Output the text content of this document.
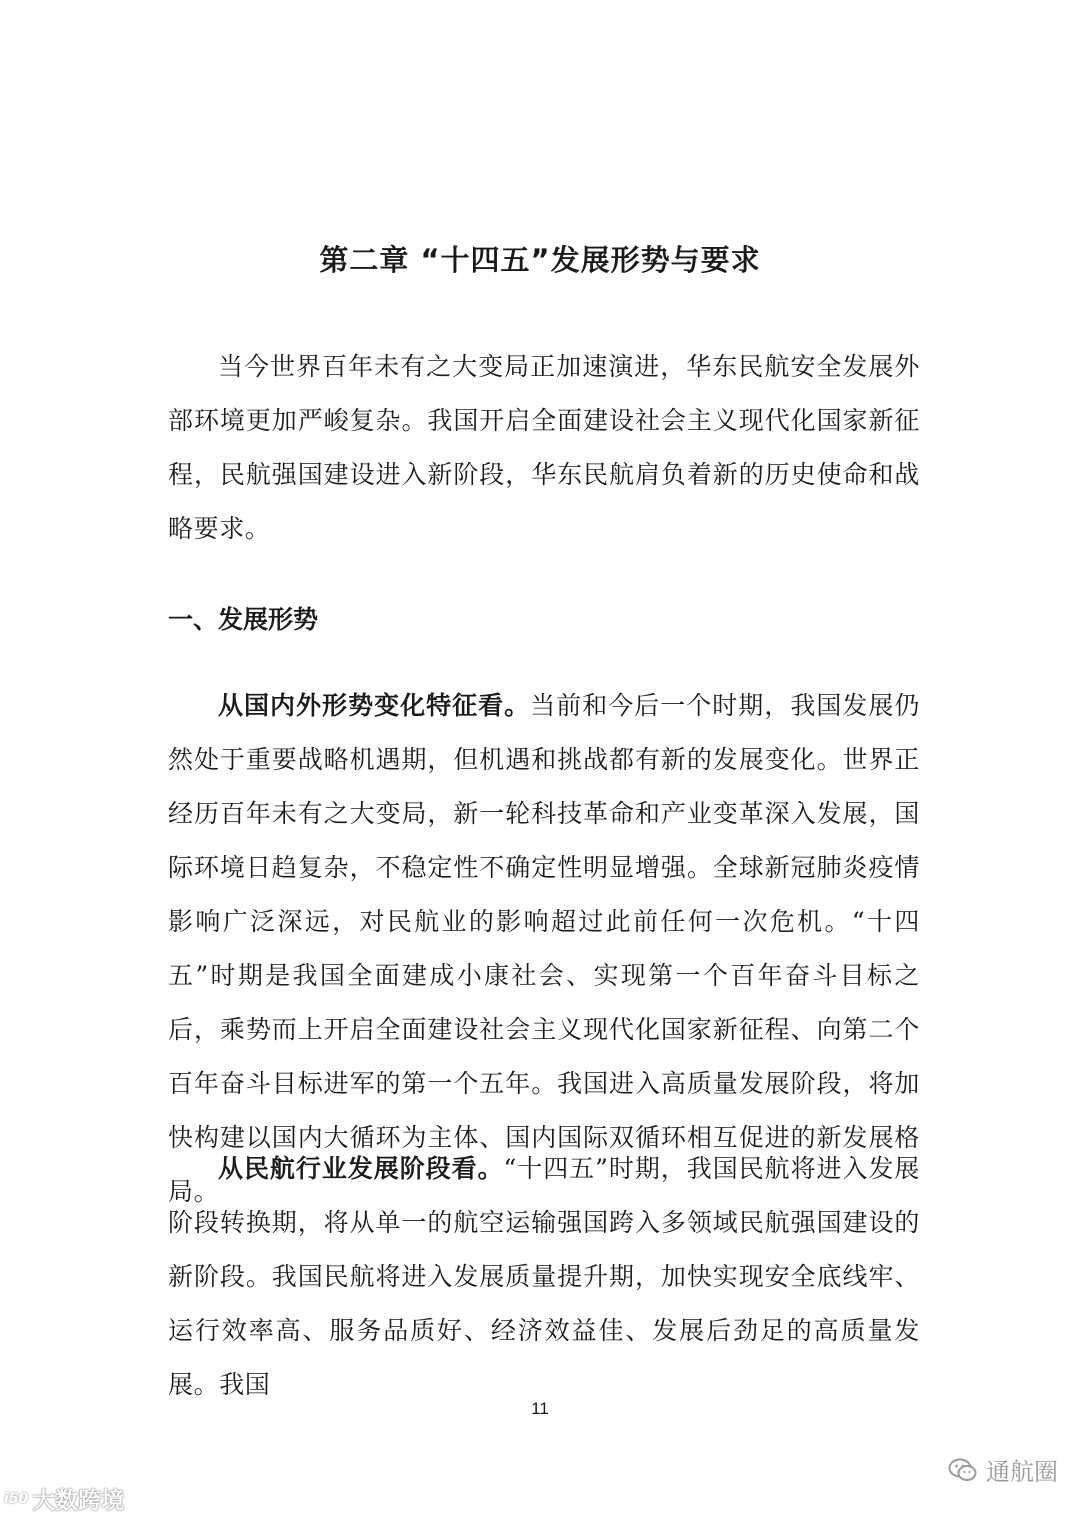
第二章 “十四五”发展形势与要求

当今世界百年未有之大变局正加速演进，华东民航安全发展外部环境更加严峻复杂。我国开启全面建设社会主义现代化国家新征程，民航强国建设进入新阶段，华东民航肩负着新的历史使命和战略要求。

一、发展形势

从国内外形势变化特征看。当前和今后一个时期，我国发展仍然处于重要战略机遇期，但机遇和挑战都有新的发展变化。世界正经历百年未有之大变局，新一轮科技革命和产业变革深入发展，国际环境日趋复杂，不稳定性不确定性明显增强。全球新冠肺炎疫情影响广泛深远，对民航业的影响超过此前任何一次危机。“十四五”时期是我国全面建成小康社会、实现第一个百年奋斗目标之后，乘势而上开启全面建设社会主义现代化国家新征程、向第二个百年奋斗目标进军的第一个五年。我国进入高质量发展阶段，将加快构建以国内大循环为主体、国内国际双循环相互促进的新发展格局。

从民航行业发展阶段看。“十四五”时期，我国民航将进入发展阶段转换期，将从单一的航空运输强国跨入多领域民航强国建设的新阶段。我国民航将进入发展质量提升期，加快实现安全底线牢、运行效率高、服务品质好、经济效益佳、发展后劲足的高质量发展。我国

11
i50 大数跨境
通航圈
